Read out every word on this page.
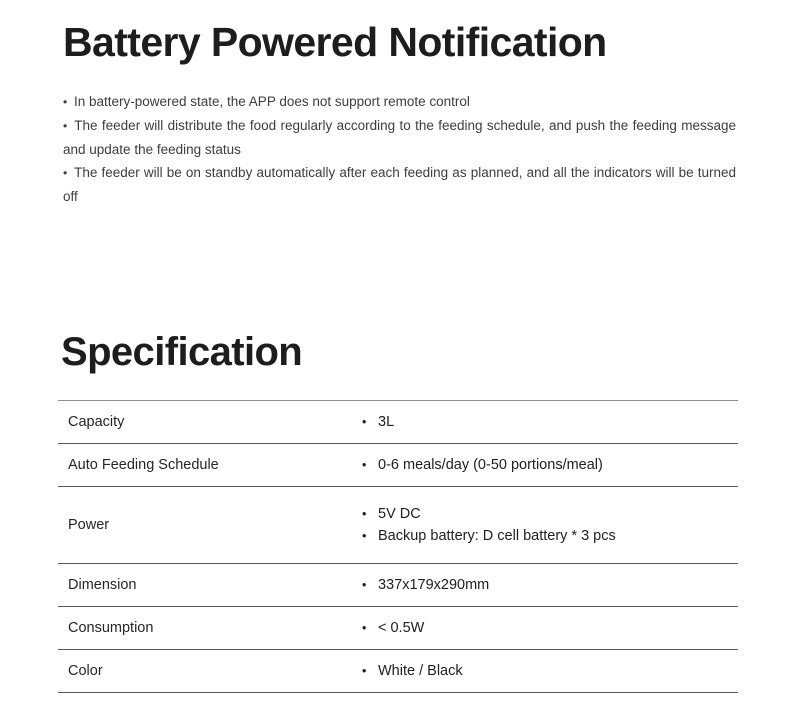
Battery Powered Notification

• In battery-powered state, the APP does not support remote control

• The feeder will distribute the food regularly according to the feeding schedule, and push the feeding message and update the feeding status

• The feeder will be on standby automatically after each feeding as planned, and all the indicators will be turned off

Specification
Capacity	• 3L

Auto Feeding Schedule	• 0-6 meals/day (0-50 portions/meal)

Power	• 5V DC
• Backup battery: D cell battery * 3 pcs

Dimension	• 337x179x290mm

Consumption	• < 0.5W

Color	• White / Black
